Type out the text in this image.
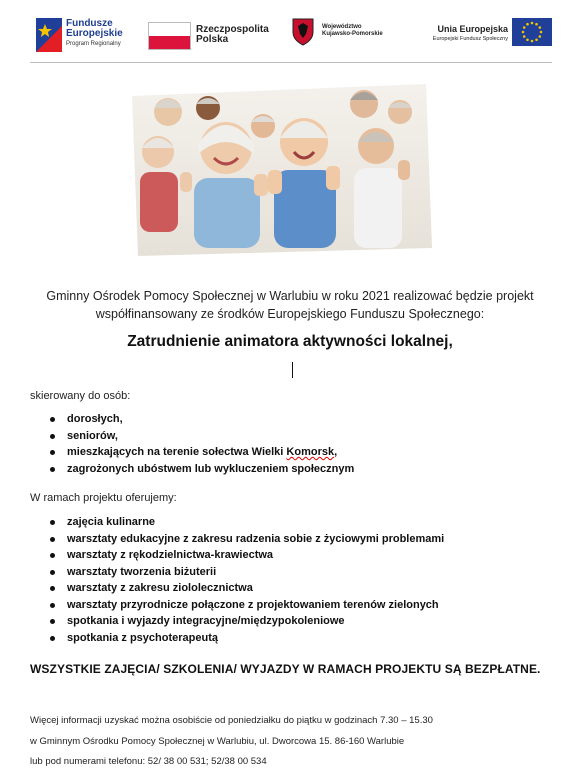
Fundusze
Europejskie
Program Regionalny
Rzeczpospolita
Polska
Województwo
Kujawsko-Pomorskie	Unia Europejska
Europejski Fundusz Społeczny
Gminny Ośrodek Pomocy Społecznej w Warlubiu w roku 2021 realizować będzie projekt
współfinansowany ze środków Europejskiego Funduszu Społecznego:
Zatrudnienie animatora aktywności lokalnej,
skierowany do osób:
dorosłych,
seniorów,
mieszkających na terenie sołectwa Wielki Komorsk,
zagrożonych ubóstwem lub wykluczeniem społecznym
W ramach projektu oferujemy:
zajęcia kulinarne
warsztaty edukacyjne z zakresu radzenia sobie z życiowymi problemami
warsztaty z rękodzielnictwa-krawiectwa
warsztaty tworzenia biżuterii
warsztaty z zakresu ziololecznictwa
warsztaty przyrodnicze połączone z projektowaniem terenów zielonych
spotkania i wyjazdy integracyjne/międzypokoleniowe
spotkania z psychoterapeutą
WSZYSTKIE ZAJĘCIA/ SZKOLENIA/ WYJAZDY W RAMACH PROJEKTU SĄ BEZPŁATNE.
Więcej informacji uzyskać można osobiście od poniedziałku do piątku w godzinach 7.30 – 15.30
w Gminnym Ośrodku Pomocy Społecznej w Warlubiu, ul. Dworcowa 15. 86-160 Warlubie
lub pod numerami telefonu: 52/ 38 00 531; 52/38 00 534
